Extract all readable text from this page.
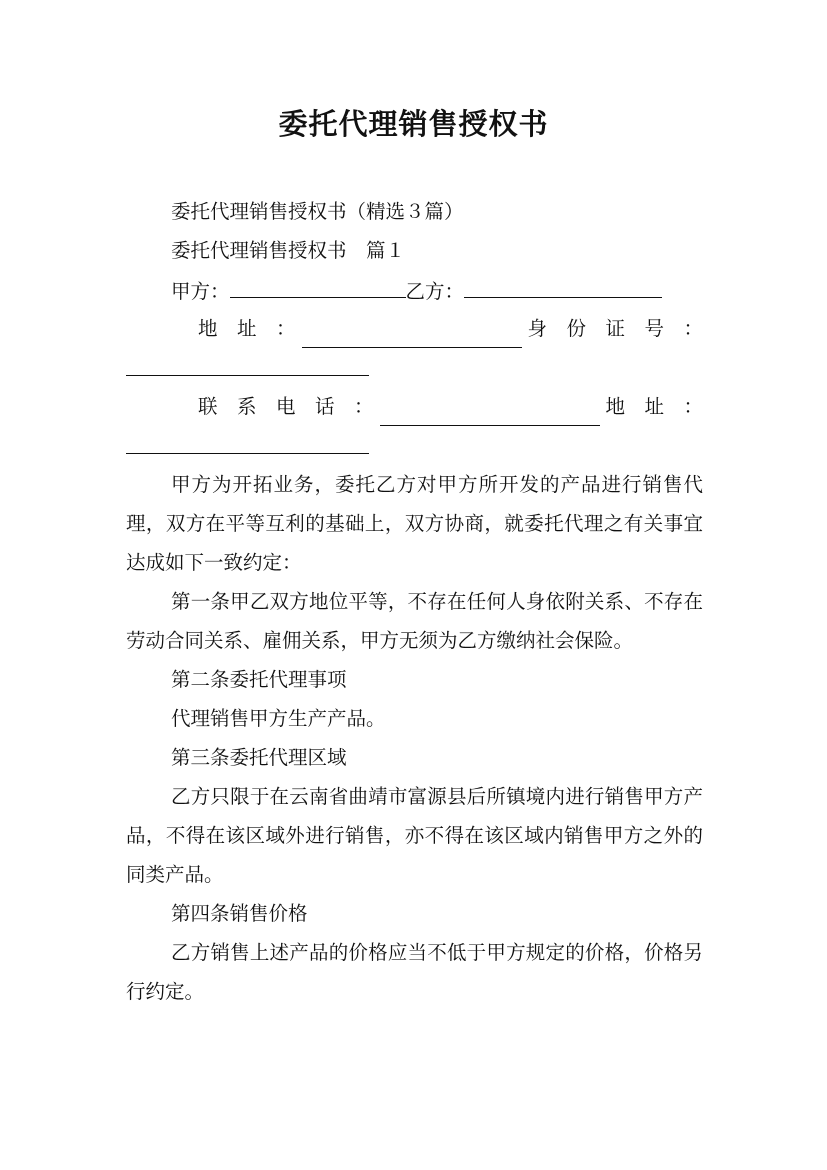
委托代理销售授权书
委托代理销售授权书（精选３篇）
委托代理销售授权书　篇１
甲方：	乙方：
地　址　：	身　份　证　号　：
联　系　电　话　：	地　址　：
甲方为开拓业务，委托乙方对甲方所开发的产品进行销售代理，双方在平等互利的基础上，双方协商，就委托代理之有关事宜达成如下一致约定：
第一条甲乙双方地位平等，不存在任何人身依附关系、不存在劳动合同关系、雇佣关系，甲方无须为乙方缴纳社会保险。
第二条委托代理事项
代理销售甲方生产产品。
第三条委托代理区域
乙方只限于在云南省曲靖市富源县后所镇境内进行销售甲方产品，不得在该区域外进行销售，亦不得在该区域内销售甲方之外的同类产品。
第四条销售价格
乙方销售上述产品的价格应当不低于甲方规定的价格，价格另行约定。
